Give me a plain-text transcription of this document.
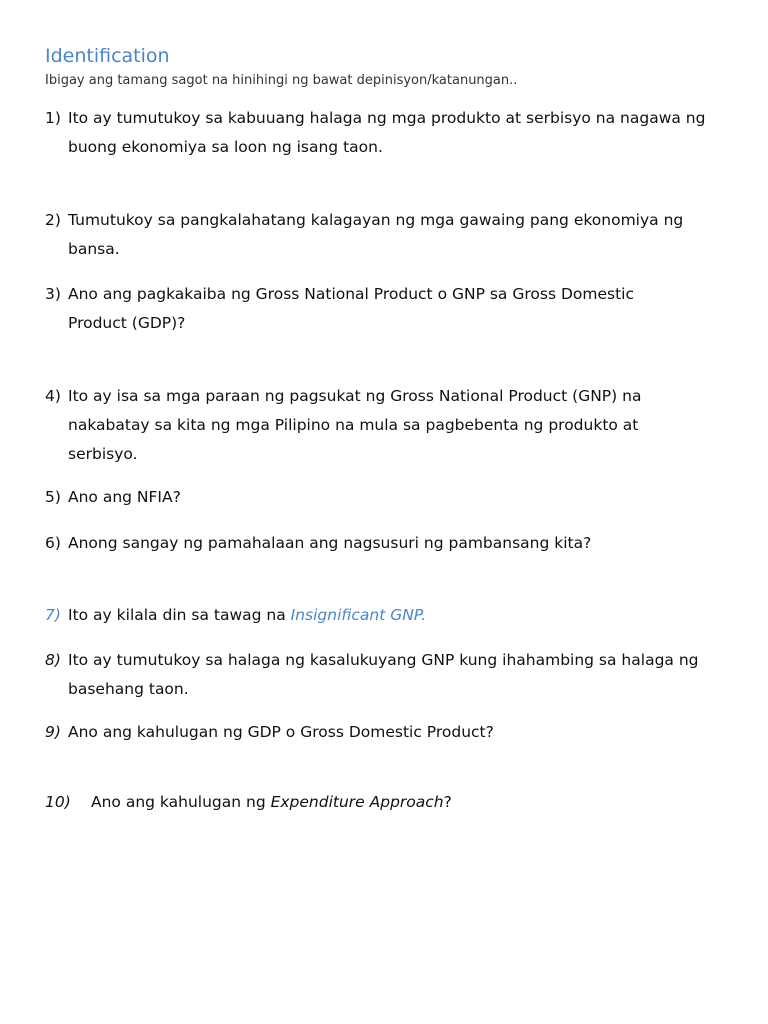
Identification
Ibigay ang tamang sagot na hinihingi ng bawat depinisyon/katanungan..
1) Ito ay tumutukoy sa kabuuang halaga ng mga produkto at serbisyo na nagawa ng
buong ekonomiya sa loon ng isang taon.
2) Tumutukoy sa pangkalahatang kalagayan ng mga gawaing pang ekonomiya ng
bansa.
3) Ano ang pagkakaiba ng Gross National Product o GNP sa Gross Domestic
Product (GDP)?
4) Ito ay isa sa mga paraan ng pagsukat ng Gross National Product (GNP) na
nakabatay sa kita ng mga Pilipino na mula sa pagbebenta ng produkto at
serbisyo.
5) Ano ang NFIA?
6) Anong sangay ng pamahalaan ang nagsusuri ng pambansang kita?
7) Ito ay kilala din sa tawag na Insignificant GNP.
8) Ito ay tumutukoy sa halaga ng kasalukuyang GNP kung ihahambing sa halaga ng
basehang taon.
9) Ano ang kahulugan ng GDP o Gross Domestic Product?
10) Ano ang kahulugan ng Expenditure Approach?
